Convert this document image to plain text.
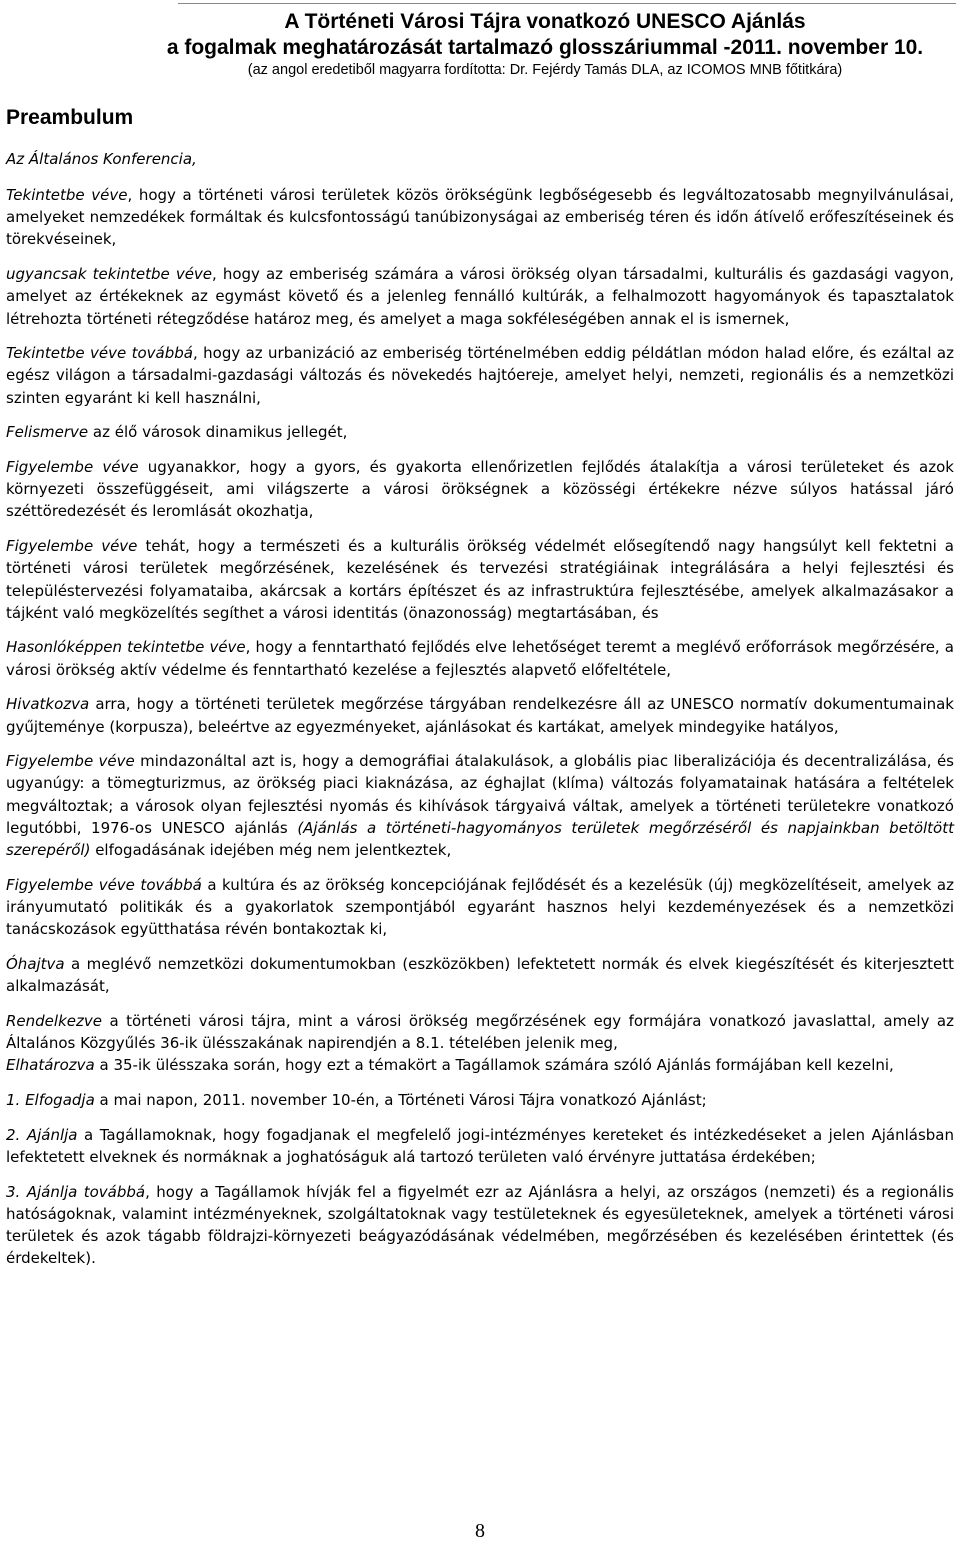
A Történeti Városi Tájra vonatkozó UNESCO Ajánlás
a fogalmak meghatározását tartalmazó glosszáriummal -2011. november 10.
(az angol eredetiből magyarra fordította: Dr. Fejérdy Tamás DLA, az ICOMOS MNB főtitkára)
Preambulum
Az Általános Konferencia,

Tekintetbe véve, hogy a történeti városi területek közös örökségünk legbőségesebb és legváltozatosabb megnyilvánulásai, amelyeket nemzedékek formáltak és kulcsfontosságú tanúbizonyságai az emberiség téren és időn átívelő erőfeszítéseinek és törekvéseinek,

ugyancsak tekintetbe véve, hogy az emberiség számára a városi örökség olyan társadalmi, kulturális és gazdasági vagyon, amelyet az értékeknek az egymást követő és a jelenleg fennálló kultúrák, a felhalmozott hagyományok és tapasztalatok létrehozta történeti rétegződése határoz meg, és amelyet a maga sokféleségében annak el is ismernek,

Tekintetbe véve továbbá, hogy az urbanizáció az emberiség történelmében eddig példátlan módon halad előre, és ezáltal az egész világon a társadalmi-gazdasági változás és növekedés hajtóereje, amelyet helyi, nemzeti, regionális és a nemzetközi szinten egyaránt ki kell használni,

Felismerve az élő városok dinamikus jellegét,

Figyelembe véve ugyanakkor, hogy a gyors, és gyakorta ellenőrizetlen fejlődés átalakítja a városi területeket és azok környezeti összefüggéseit, ami világszerte a városi örökségnek a közösségi értékekre nézve súlyos hatással járó széttöredezését és leromlását okozhatja,

Figyelembe véve tehát, hogy a természeti és a kulturális örökség védelmét elősegítendő nagy hangsúlyt kell fektetni a történeti városi területek megőrzésének, kezelésének és tervezési stratégiáinak integrálására a helyi fejlesztési és településtervezési folyamataiba, akárcsak a kortárs építészet és az infrastruktúra fejlesztésébe, amelyek alkalmazásakor a tájként való megközelítés segíthet a városi identitás (önazonosság) megtartásában, és

Hasonlóképpen tekintetbe véve, hogy a fenntartható fejlődés elve lehetőséget teremt a meglévő erőforrások megőrzésére, a városi örökség aktív védelme és fenntartható kezelése a fejlesztés alapvető előfeltétele,

Hivatkozva arra, hogy a történeti területek megőrzése tárgyában rendelkezésre áll az UNESCO normatív dokumentumainak gyűjteménye (korpusza), beleértve az egyezményeket, ajánlásokat és kartákat, amelyek mindegyike hatályos,

Figyelembe véve mindazonáltal azt is, hogy a demográfiai átalakulások, a globális piac liberalizációja és decentralizálása, és ugyanúgy: a tömegturizmus, az örökség piaci kiaknázása, az éghajlat (klíma) változás folyamatainak hatására a feltételek megváltoztak; a városok olyan fejlesztési nyomás és kihívások tárgyaivá váltak, amelyek a történeti területekre vonatkozó legutóbbi, 1976-os UNESCO ajánlás (Ajánlás a történeti-hagyományos területek megőrzéséről és napjainkban betöltött szerepéről) elfogadásának idejében még nem jelentkeztek,

Figyelembe véve továbbá a kultúra és az örökség koncepciójának fejlődését és a kezelésük (új) megközelítéseit, amelyek az irányumutató politikák és a gyakorlatok szempontjából egyaránt hasznos helyi kezdeményezések és a nemzetközi tanácskozások együtthatása révén bontakoztak ki,

Óhajtva a meglévő nemzetközi dokumentumokban (eszközökben) lefektetett normák és elvek kiegészítését és kiterjesztett alkalmazását,

Rendelkezve a történeti városi tájra, mint a városi örökség megőrzésének egy formájára vonatkozó javaslattal, amely az Általános Közgyűlés 36-ik ülésszakának napirendjén a 8.1. tételében jelenik meg,

Elhatározva a 35-ik ülésszaka során, hogy ezt a témakört a Tagállamok számára szóló Ajánlás formájában kell kezelni,

1. Elfogadja a mai napon, 2011. november 10-én, a Történeti Városi Tájra vonatkozó Ajánlást;

2. Ajánlja a Tagállamoknak, hogy fogadjanak el megfelelő jogi-intézményes kereteket és intézkedéseket a jelen Ajánlásban lefektetett elveknek és normáknak a joghatóságuk alá tartozó területen való érvényre juttatása érdekében;

3. Ajánlja továbbá, hogy a Tagállamok hívják fel a figyelmét ezr az Ajánlásra a helyi, az országos (nemzeti) és a regionális hatóságoknak, valamint intézményeknek, szolgáltatoknak vagy testületeknek és egyesületeknek, amelyek a történeti városi területek és azok tágabb földrajzi-környezeti beágyazódásának védelmében, megőrzésében és kezelésében érintettek (és érdekeltek).

8
